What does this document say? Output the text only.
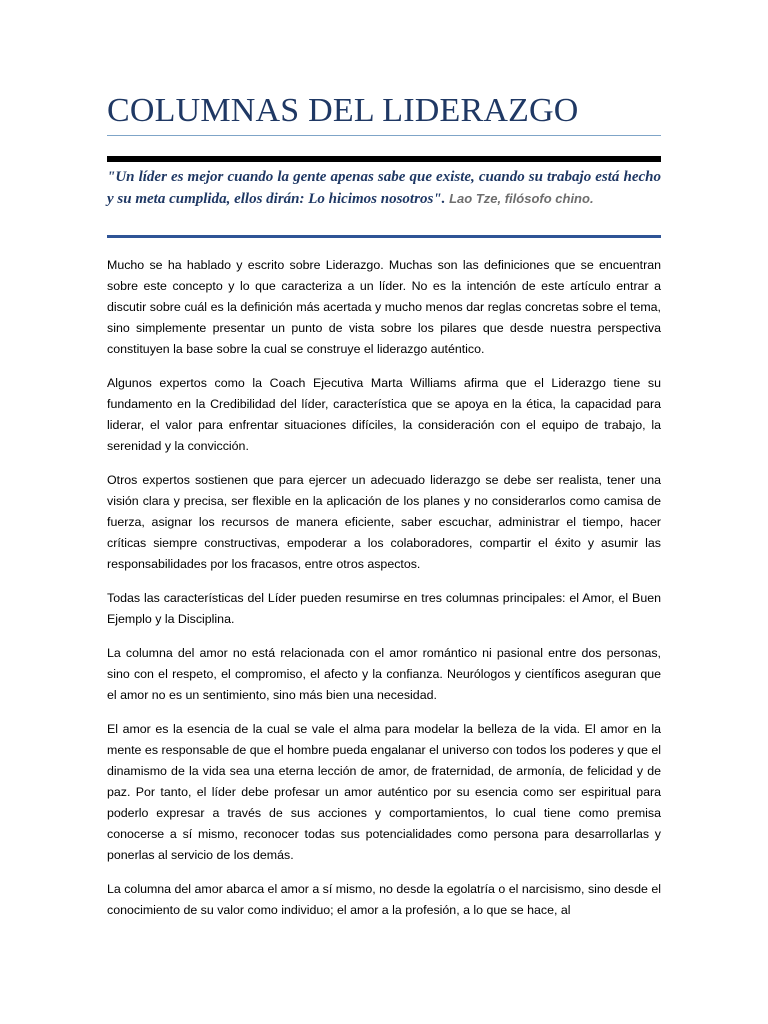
COLUMNAS DEL LIDERAZGO

"Un líder es mejor cuando la gente apenas sabe que existe, cuando su trabajo está hecho y su meta cumplida, ellos dirán: Lo hicimos nosotros". Lao Tze, filósofo chino.

Mucho se ha hablado y escrito sobre Liderazgo. Muchas son las definiciones que se encuentran sobre este concepto y lo que caracteriza a un líder. No es la intención de este artículo entrar a discutir sobre cuál es la definición más acertada y mucho menos dar reglas concretas sobre el tema, sino simplemente presentar un punto de vista sobre los pilares que desde nuestra perspectiva constituyen la base sobre la cual se construye el liderazgo auténtico.

Algunos expertos como la Coach Ejecutiva Marta Williams afirma que el Liderazgo tiene su fundamento en la Credibilidad del líder, característica que se apoya en la ética, la capacidad para liderar, el valor para enfrentar situaciones difíciles, la consideración con el equipo de trabajo, la serenidad y la convicción.

Otros expertos sostienen que para ejercer un adecuado liderazgo se debe ser realista, tener una visión clara y precisa, ser flexible en la aplicación de los planes y no considerarlos como camisa de fuerza, asignar los recursos de manera eficiente, saber escuchar, administrar el tiempo, hacer críticas siempre constructivas, empoderar a los colaboradores, compartir el éxito y asumir las responsabilidades por los fracasos, entre otros aspectos.

Todas las características del Líder pueden resumirse en tres columnas principales: el Amor, el Buen Ejemplo y la Disciplina.

La columna del amor no está relacionada con el amor romántico ni pasional entre dos personas, sino con el respeto, el compromiso, el afecto y la confianza. Neurólogos y científicos aseguran que el amor no es un sentimiento, sino más bien una necesidad.

El amor es la esencia de la cual se vale el alma para modelar la belleza de la vida. El amor en la mente es responsable de que el hombre pueda engalanar el universo con todos los poderes y que el dinamismo de la vida sea una eterna lección de amor, de fraternidad, de armonía, de felicidad y de paz. Por tanto, el líder debe profesar un amor auténtico por su esencia como ser espiritual para poderlo expresar a través de sus acciones y comportamientos, lo cual tiene como premisa conocerse a sí mismo, reconocer todas sus potencialidades como persona para desarrollarlas y ponerlas al servicio de los demás.

La columna del amor abarca el amor a sí mismo, no desde la egolatría o el narcisismo, sino desde el conocimiento de su valor como individuo; el amor a la profesión, a lo que se hace, al
